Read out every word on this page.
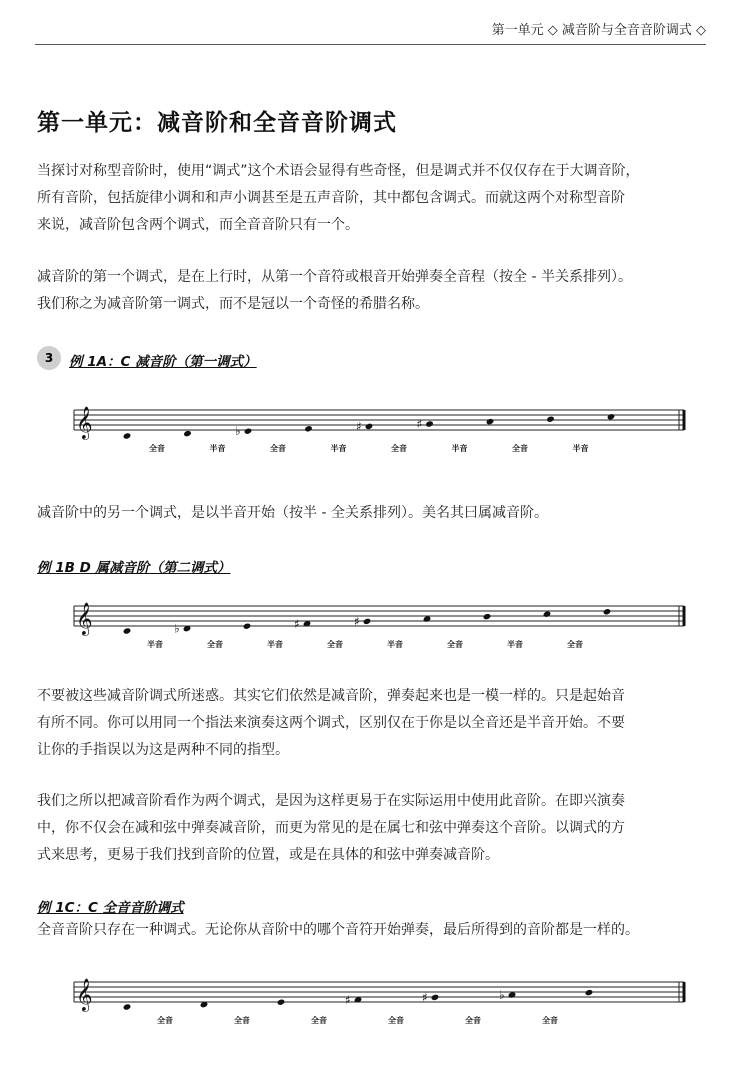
第一单元 ◇ 减音阶与全音音阶调式 ◇
第一单元：减音阶和全音音阶调式
当探讨对称型音阶时，使用“调式”这个术语会显得有些奇怪，但是调式并不仅仅存在于大调音阶，
所有音阶，包括旋律小调和和声小调甚至是五声音阶，其中都包含调式。而就这两个对称型音阶
来说，减音阶包含两个调式，而全音音阶只有一个。
减音阶的第一个调式，是在上行时，从第一个音符或根音开始弹奏全音程（按全 - 半关系排列）。
我们称之为减音阶第一调式，而不是冠以一个奇怪的希腊名称。
3	例 1A：C 减音阶（第一调式）
𝄞	♭	♯	♯
全音	半音	全音	半音	全音	半音	全音	半音
减音阶中的另一个调式，是以半音开始（按半 - 全关系排列）。美名其曰属减音阶。
例 1B D 属减音阶（第二调式）
𝄞	♭	♯	♯
半音	全音	半音	全音	半音	全音	半音	全音
不要被这些减音阶调式所迷惑。其实它们依然是减音阶，弹奏起来也是一模一样的。只是起始音
有所不同。你可以用同一个指法来演奏这两个调式，区别仅在于你是以全音还是半音开始。不要
让你的手指误以为这是两种不同的指型。
我们之所以把减音阶看作为两个调式，是因为这样更易于在实际运用中使用此音阶。在即兴演奏
中，你不仅会在减和弦中弹奏减音阶，而更为常见的是在属七和弦中弹奏这个音阶。以调式的方
式来思考，更易于我们找到音阶的位置，或是在具体的和弦中弹奏减音阶。
例 1C：C 全音音阶调式
全音音阶只存在一种调式。无论你从音阶中的哪个音符开始弹奏，最后所得到的音阶都是一样的。
𝄞	♯	♯	♭
全音	全音	全音	全音	全音	全音
